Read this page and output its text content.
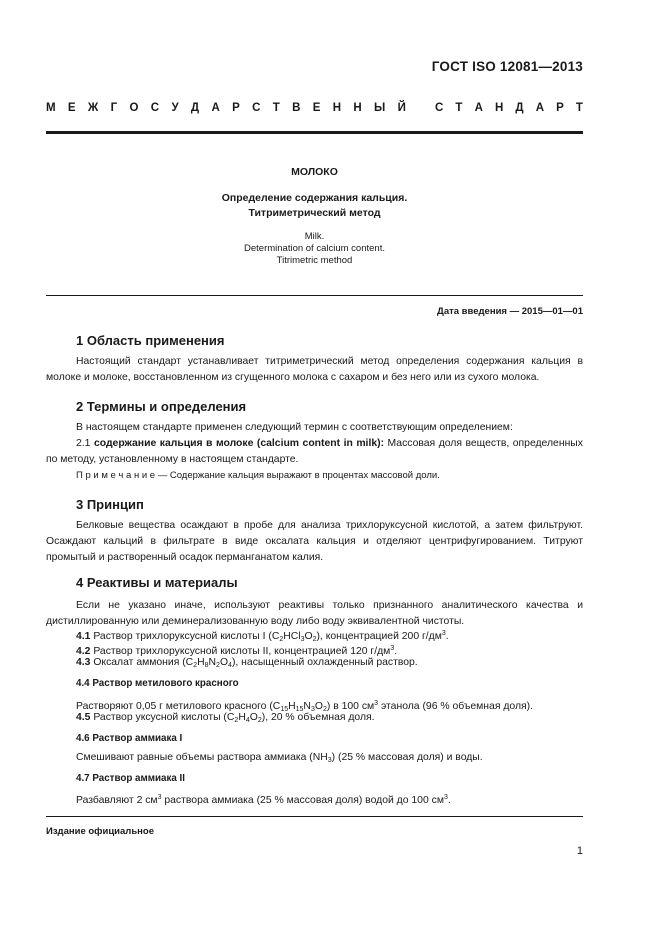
ГОСТ ISO 12081—2013
М Е Ж Г О С У Д А Р С Т В Е Н Н Ы Й	С Т А Н Д А Р Т
МОЛОКО
Определение содержания кальция.
Титриметрический метод
Milk.
Determination of calcium content.
Titrimetric method
Дата введения — 2015—01—01
1 Область применения
Настоящий стандарт устанавливает титриметрический метод определения содержания кальция в молоке и молоке, восстановленном из сгущенного молока с сахаром и без него или из сухого молока.
2 Термины и определения
В настоящем стандарте применен следующий термин с соответствующим определением:
2.1 содержание кальция в молоке (calcium content in milk): Массовая доля веществ, определенных по методу, установленному в настоящем стандарте.
П р и м е ч а н и е — Содержание кальция выражают в процентах массовой доли.
3 Принцип
Белковые вещества осаждают в пробе для анализа трихлоруксусной кислотой, а затем фильтруют. Осаждают кальций в фильтрате в виде оксалата кальция и отделяют центрифугированием. Титруют промытый и растворенный осадок перманганатом калия.
4 Реактивы и материалы
Если не указано иначе, используют реактивы только признанного аналитического качества и дистиллированную или деминерализованную воду либо воду эквивалентной чистоты.
4.1 Раствор трихлоруксусной кислоты I (C2HCl3O2), концентрацией 200 $г/дм^3$.
4.2 Раствор трихлоруксусной кислоты II, концентрацией 120 $г/дм^3$.
4.3 Оксалат аммония (C2H8N2O4), насыщенный охлажденный раствор.
4.4 Раствор метилового красного
Растворяют 0,05 г метилового красного (C15H15N3O2) в 100 $см^3$ этанола (96 % объемная доля).
4.5 Раствор уксусной кислоты (C2H4O2), 20 % объемная доля.
4.6 Раствор аммиака I
Смешивают равные объемы раствора аммиака (NH3) (25 % массовая доля) и воды.
4.7 Раствор аммиака II
Разбавляют 2 $см^3$ раствора аммиака (25 % массовая доля) водой до 100 $см^3$.
Издание официальное
1
